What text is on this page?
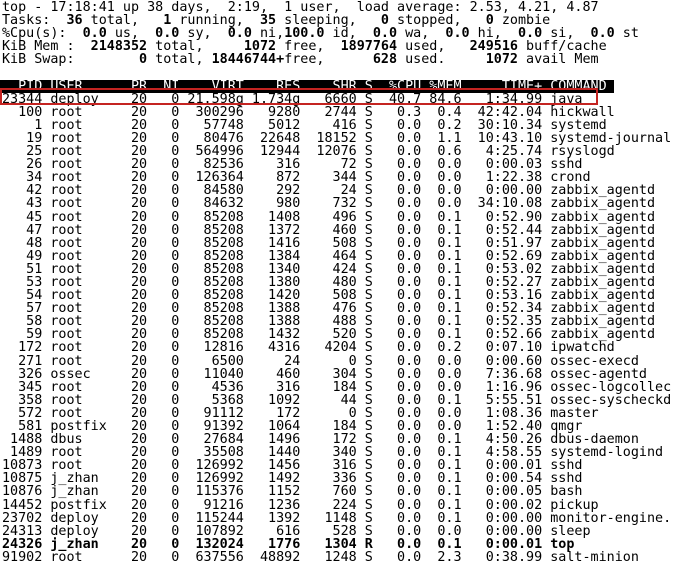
top - 17:18:41 up 38 days,  2:19,  1 user,  load average: 2.53, 4.21, 4.87
Tasks:  36 total,   1 running,  35 sleeping,   0 stopped,   0 zombie
%Cpu(s):  0.0 us,  0.0 sy,  0.0 ni,100.0 id,  0.0 wa,  0.0 hi,  0.0 si,  0.0 st
KiB Mem :  2148352 total,     1072 free,  1897764 used,   249516 buff/cache
KiB Swap:        0 total, 18446744+free,      628 used.     1072 avail Mem
PID USER      PR  NI    VIRT    RES    SHR S  %CPU %MEM     TIME+ COMMAND
23344 deploy    20   0 21.598g 1.734g   6660 S  40.7 84.6   1:34.99 java
100 root      20   0  300296   9280   2744 S   0.3  0.4  42:42.04 hickwall
1 root      20   0   57748   5012    416 S   0.0  0.2  30:10.34 systemd
19 root      20   0   80476  22648  18152 S   0.0  1.1  10:43.10 systemd-journal
25 root      20   0  564996  12944  12076 S   0.0  0.6   4:25.74 rsyslogd
26 root      20   0   82536    316     72 S   0.0  0.0   0:00.03 sshd
34 root      20   0  126364    872    344 S   0.0  0.0   1:22.38 crond
42 root      20   0   84580    292     24 S   0.0  0.0   0:00.00 zabbix_agentd
43 root      20   0   84632    980    732 S   0.0  0.0  34:10.08 zabbix_agentd
45 root      20   0   85208   1408    496 S   0.0  0.1   0:52.90 zabbix_agentd
47 root      20   0   85208   1372    460 S   0.0  0.1   0:52.44 zabbix_agentd
48 root      20   0   85208   1416    508 S   0.0  0.1   0:51.97 zabbix_agentd
49 root      20   0   85208   1384    464 S   0.0  0.1   0:52.69 zabbix_agentd
51 root      20   0   85208   1340    424 S   0.0  0.1   0:53.02 zabbix_agentd
53 root      20   0   85208   1380    480 S   0.0  0.1   0:52.27 zabbix_agentd
54 root      20   0   85208   1420    508 S   0.0  0.1   0:53.16 zabbix_agentd
57 root      20   0   85208   1388    476 S   0.0  0.1   0:52.34 zabbix_agentd
58 root      20   0   85208   1388    488 S   0.0  0.1   0:52.35 zabbix_agentd
59 root      20   0   85208   1432    520 S   0.0  0.1   0:52.66 zabbix_agentd
172 root      20   0   12816   4316   4204 S   0.0  0.2   0:07.10 ipwatchd
271 root      20   0    6500     24      0 S   0.0  0.0   0:00.60 ossec-execd
326 ossec     20   0   11040    460    304 S   0.0  0.0   7:36.68 ossec-agentd
345 root      20   0    4536    316    184 S   0.0  0.0   1:16.96 ossec-logcollec
358 root      20   0    5368   1092     44 S   0.0  0.1   5:55.51 ossec-syscheckd
572 root      20   0   91112    172      0 S   0.0  0.0   1:08.36 master
581 postfix   20   0   91392   1064    184 S   0.0  0.0   1:52.40 qmgr
1488 dbus      20   0   27684   1496    172 S   0.0  0.1   4:50.26 dbus-daemon
1489 root      20   0   35508   1440    340 S   0.0  0.1   4:58.55 systemd-logind
10873 root      20   0  126992   1456    316 S   0.0  0.1   0:00.01 sshd
10875 j_zhan    20   0  126992   1492    336 S   0.0  0.1   0:00.54 sshd
10876 j_zhan    20   0  115376   1152    760 S   0.0  0.1   0:00.05 bash
14452 postfix   20   0   91216   1236    224 S   0.0  0.1   0:00.02 pickup
23702 deploy    20   0  115244   1392   1148 S   0.0  0.1   0:00.00 monitor-engine.
24313 deploy    20   0  107892    616    528 S   0.0  0.0   0:00.00 sleep
24326 j_zhan    20   0  132024   1776   1304 R   0.0  0.1   0:00.01 top
91902 root      20   0  637556  48892   1248 S   0.0  2.3   0:38.99 salt-minion
